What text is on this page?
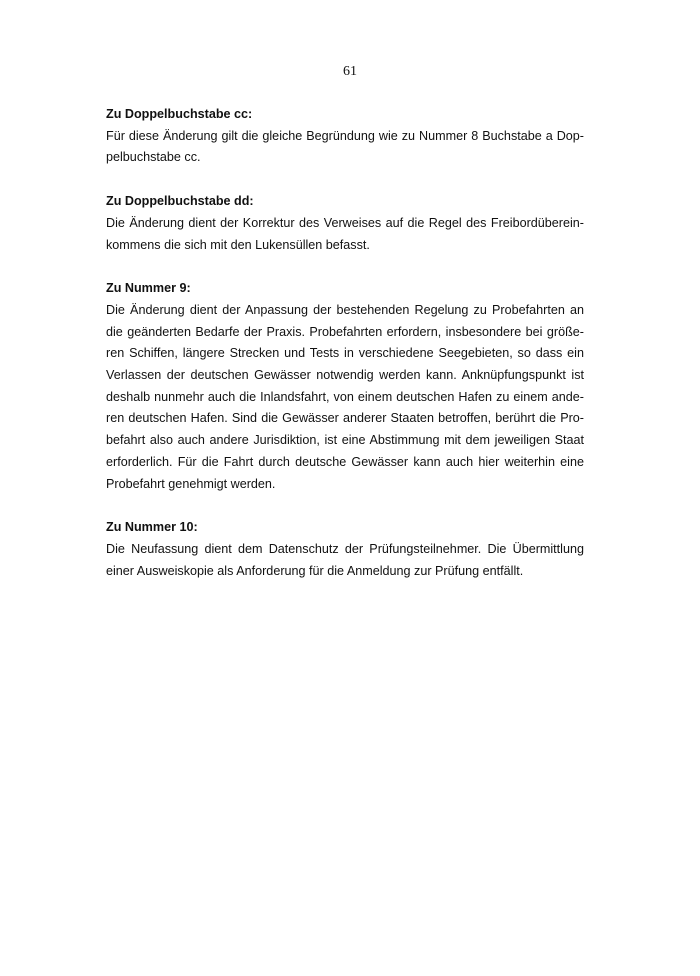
61

Zu Doppelbuchstabe cc:

Für diese Änderung gilt die gleiche Begründung wie zu Nummer 8 Buchstabe a Dop-
pelbuchstabe cc.

Zu Doppelbuchstabe dd:

Die Änderung dient der Korrektur des Verweises auf die Regel des Freibordüberein-
kommens die sich mit den Lukensüllen befasst.

Zu Nummer 9:

Die Änderung dient der Anpassung der bestehenden Regelung zu Probefahrten an
die geänderten Bedarfe der Praxis. Probefahrten erfordern, insbesondere bei größe-
ren Schiffen, längere Strecken und Tests in verschiedene Seegebieten, so dass ein
Verlassen der deutschen Gewässer notwendig werden kann. Anknüpfungspunkt ist
deshalb nunmehr auch die Inlandsfahrt, von einem deutschen Hafen zu einem ande-
ren deutschen Hafen. Sind die Gewässer anderer Staaten betroffen, berührt die Pro-
befahrt also auch andere Jurisdiktion, ist eine Abstimmung mit dem jeweiligen Staat
erforderlich. Für die Fahrt durch deutsche Gewässer kann auch hier weiterhin eine
Probefahrt genehmigt werden.

Zu Nummer 10:

Die Neufassung dient dem Datenschutz der Prüfungsteilnehmer. Die Übermittlung
einer Ausweiskopie als Anforderung für die Anmeldung zur Prüfung entfällt.
